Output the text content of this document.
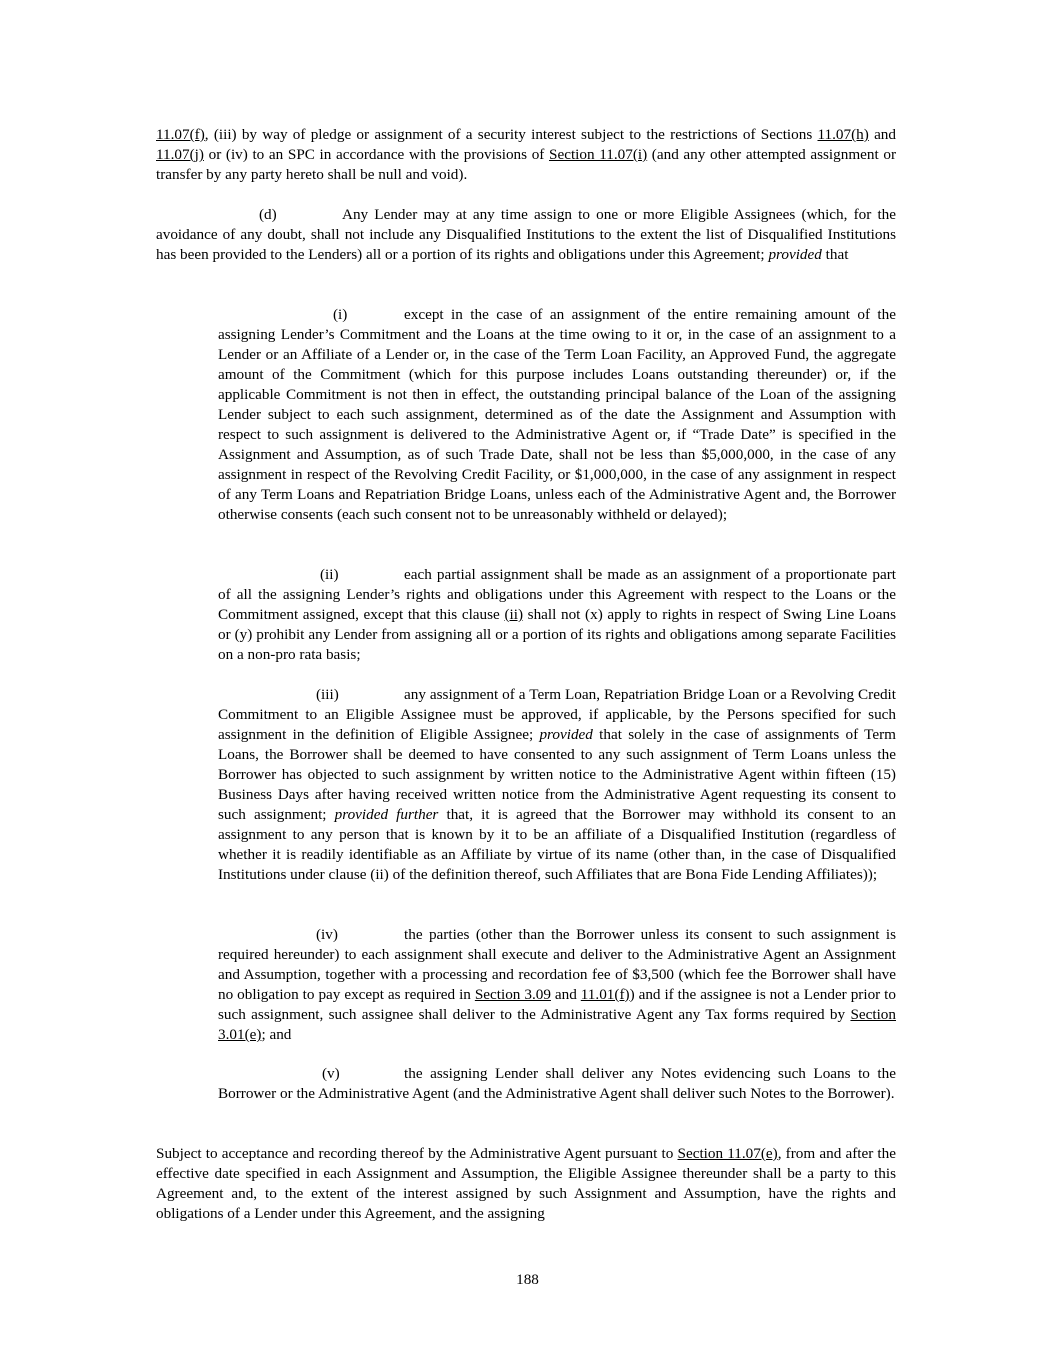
11.07(f), (iii) by way of pledge or assignment of a security interest subject to the restrictions of Sections 11.07(h) and 11.07(j) or (iv) to an SPC in accordance with the provisions of Section 11.07(i) (and any other attempted assignment or transfer by any party hereto shall be null and void).
(d)	Any Lender may at any time assign to one or more Eligible Assignees (which, for the avoidance of any doubt, shall not include any Disqualified Institutions to the extent the list of Disqualified Institutions has been provided to the Lenders) all or a portion of its rights and obligations under this Agreement; provided that
(i)	except in the case of an assignment of the entire remaining amount of the assigning Lender’s Commitment and the Loans at the time owing to it or, in the case of an assignment to a Lender or an Affiliate of a Lender or, in the case of the Term Loan Facility, an Approved Fund, the aggregate amount of the Commitment (which for this purpose includes Loans outstanding thereunder) or, if the applicable Commitment is not then in effect, the outstanding principal balance of the Loan of the assigning Lender subject to each such assignment, determined as of the date the Assignment and Assumption with respect to such assignment is delivered to the Administrative Agent or, if “Trade Date” is specified in the Assignment and Assumption, as of such Trade Date, shall not be less than $5,000,000, in the case of any assignment in respect of the Revolving Credit Facility, or $1,000,000, in the case of any assignment in respect of any Term Loans and Repatriation Bridge Loans, unless each of the Administrative Agent and, the Borrower otherwise consents (each such consent not to be unreasonably withheld or delayed);
(ii)	each partial assignment shall be made as an assignment of a proportionate part of all the assigning Lender’s rights and obligations under this Agreement with respect to the Loans or the Commitment assigned, except that this clause (ii) shall not (x) apply to rights in respect of Swing Line Loans or (y) prohibit any Lender from assigning all or a portion of its rights and obligations among separate Facilities on a non-pro rata basis;
(iii)	any assignment of a Term Loan, Repatriation Bridge Loan or a Revolving Credit Commitment to an Eligible Assignee must be approved, if applicable, by the Persons specified for such assignment in the definition of Eligible Assignee; provided that solely in the case of assignments of Term Loans, the Borrower shall be deemed to have consented to any such assignment of Term Loans unless the Borrower has objected to such assignment by written notice to the Administrative Agent within fifteen (15) Business Days after having received written notice from the Administrative Agent requesting its consent to such assignment; provided further that, it is agreed that the Borrower may withhold its consent to an assignment to any person that is known by it to be an affiliate of a Disqualified Institution (regardless of whether it is readily identifiable as an Affiliate by virtue of its name (other than, in the case of Disqualified Institutions under clause (ii) of the definition thereof, such Affiliates that are Bona Fide Lending Affiliates));
(iv)	the parties (other than the Borrower unless its consent to such assignment is required hereunder) to each assignment shall execute and deliver to the Administrative Agent an Assignment and Assumption, together with a processing and recordation fee of $3,500 (which fee the Borrower shall have no obligation to pay except as required in Section 3.09 and 11.01(f)) and if the assignee is not a Lender prior to such assignment, such assignee shall deliver to the Administrative Agent any Tax forms required by Section 3.01(e); and
(v)	the assigning Lender shall deliver any Notes evidencing such Loans to the Borrower or the Administrative Agent (and the Administrative Agent shall deliver such Notes to the Borrower).
Subject to acceptance and recording thereof by the Administrative Agent pursuant to Section 11.07(e), from and after the effective date specified in each Assignment and Assumption, the Eligible Assignee thereunder shall be a party to this Agreement and, to the extent of the interest assigned by such Assignment and Assumption, have the rights and obligations of a Lender under this Agreement, and the assigning
188
